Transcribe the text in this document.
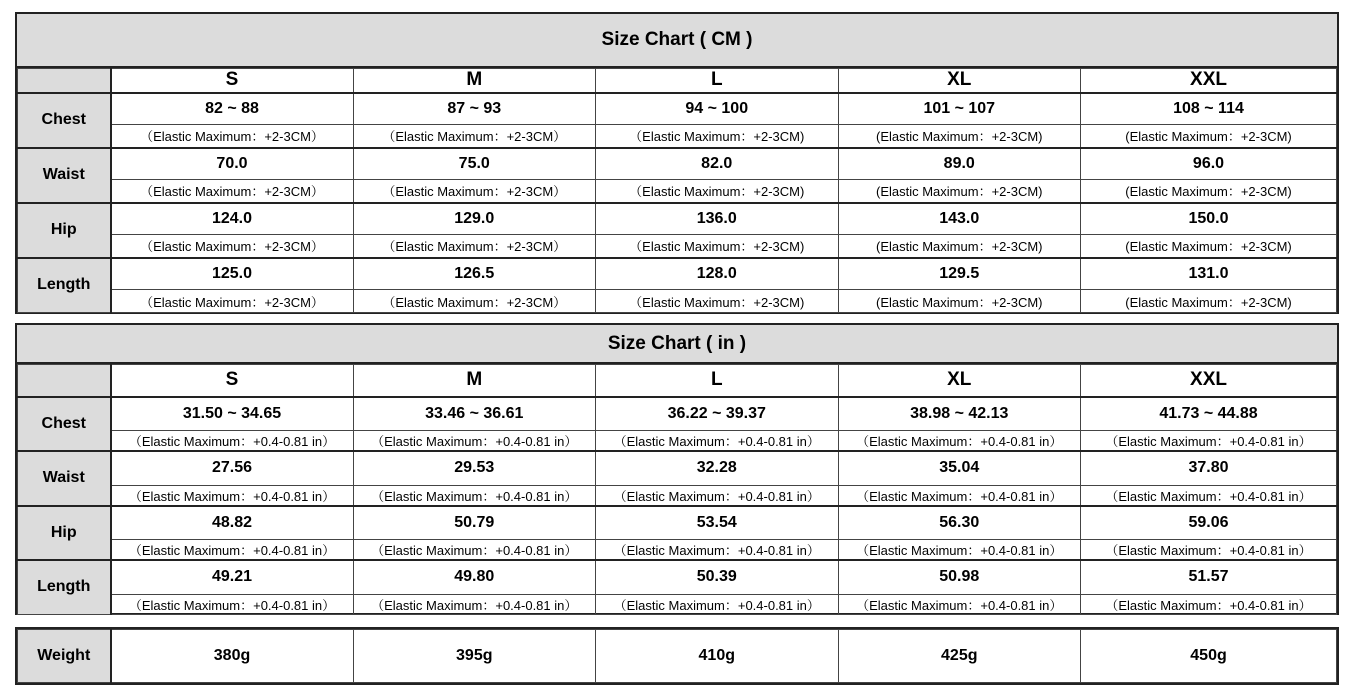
Size Chart ( CM )
	S	M	L	XL	XXL
Chest	82 ~ 88	87 ~ 93	94 ~ 100	101 ~ 107	108 ~ 114
	（Elastic Maximum：+2-3CM）	（Elastic Maximum：+2-3CM）	（Elastic Maximum：+2-3CM)	(Elastic Maximum：+2-3CM)	(Elastic Maximum：+2-3CM)
Waist	70.0	75.0	82.0	89.0	96.0
	（Elastic Maximum：+2-3CM）	（Elastic Maximum：+2-3CM）	（Elastic Maximum：+2-3CM)	(Elastic Maximum：+2-3CM)	(Elastic Maximum：+2-3CM)
Hip	124.0	129.0	136.0	143.0	150.0
	（Elastic Maximum：+2-3CM）	（Elastic Maximum：+2-3CM）	（Elastic Maximum：+2-3CM)	(Elastic Maximum：+2-3CM)	(Elastic Maximum：+2-3CM)
Length	125.0	126.5	128.0	129.5	131.0
	（Elastic Maximum：+2-3CM）	（Elastic Maximum：+2-3CM）	（Elastic Maximum：+2-3CM)	(Elastic Maximum：+2-3CM)	(Elastic Maximum：+2-3CM)
Size Chart ( in )
	S	M	L	XL	XXL
Chest	31.50 ~ 34.65	33.46 ~ 36.61	36.22 ~ 39.37	38.98 ~ 42.13	41.73 ~ 44.88
	（Elastic Maximum：+0.4-0.81 in）	（Elastic Maximum：+0.4-0.81 in）	（Elastic Maximum：+0.4-0.81 in）	（Elastic Maximum：+0.4-0.81 in）	（Elastic Maximum：+0.4-0.81 in）
Waist	27.56	29.53	32.28	35.04	37.80
	（Elastic Maximum：+0.4-0.81 in）	（Elastic Maximum：+0.4-0.81 in）	（Elastic Maximum：+0.4-0.81 in）	（Elastic Maximum：+0.4-0.81 in）	（Elastic Maximum：+0.4-0.81 in）
Hip	48.82	50.79	53.54	56.30	59.06
	（Elastic Maximum：+0.4-0.81 in）	（Elastic Maximum：+0.4-0.81 in）	（Elastic Maximum：+0.4-0.81 in）	（Elastic Maximum：+0.4-0.81 in）	（Elastic Maximum：+0.4-0.81 in）
Length	49.21	49.80	50.39	50.98	51.57
	（Elastic Maximum：+0.4-0.81 in）	（Elastic Maximum：+0.4-0.81 in）	（Elastic Maximum：+0.4-0.81 in）	（Elastic Maximum：+0.4-0.81 in）	（Elastic Maximum：+0.4-0.81 in）
Weight	380g	395g	410g	425g	450g
